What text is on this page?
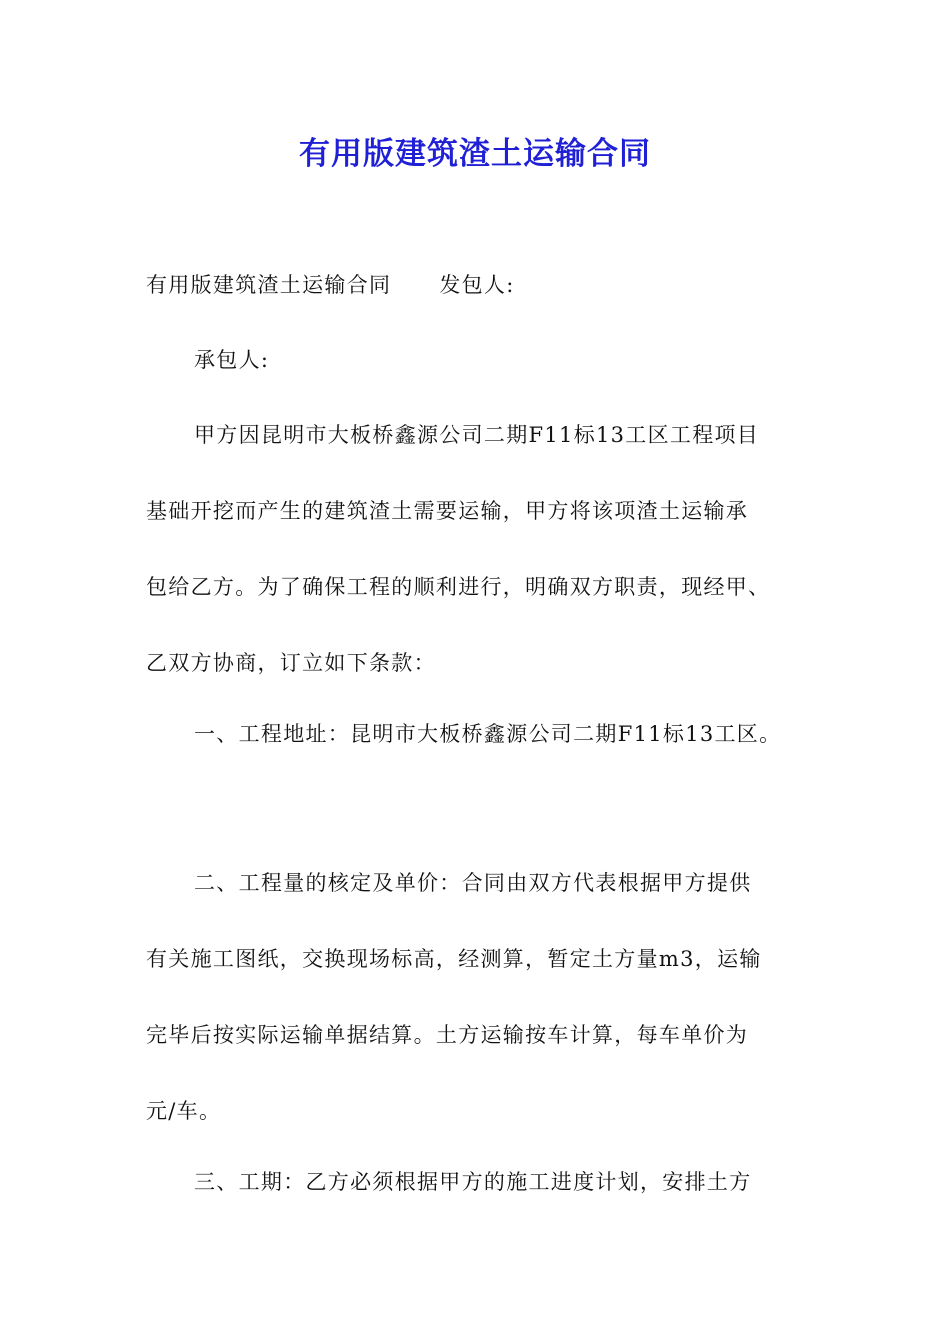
有用版建筑渣土运输合同

有用版建筑渣土运输合同 发包人:

承包人:

甲方因昆明市大板桥鑫源公司二期F11标13工区工程项目
基础开挖而产生的建筑渣土需要运输，甲方将该项渣土运输承
包给乙方。为了确保工程的顺利进行，明确双方职责，现经甲、
乙双方协商，订立如下条款：

一、工程地址：昆明市大板桥鑫源公司二期F11标13工区。

二、工程量的核定及单价：合同由双方代表根据甲方提供
有关施工图纸，交换现场标高，经测算，暂定土方量m3，运输
完毕后按实际运输单据结算。土方运输按车计算，每车单价为
元/车。

三、工期：乙方必须根据甲方的施工进度计划，安排土方
